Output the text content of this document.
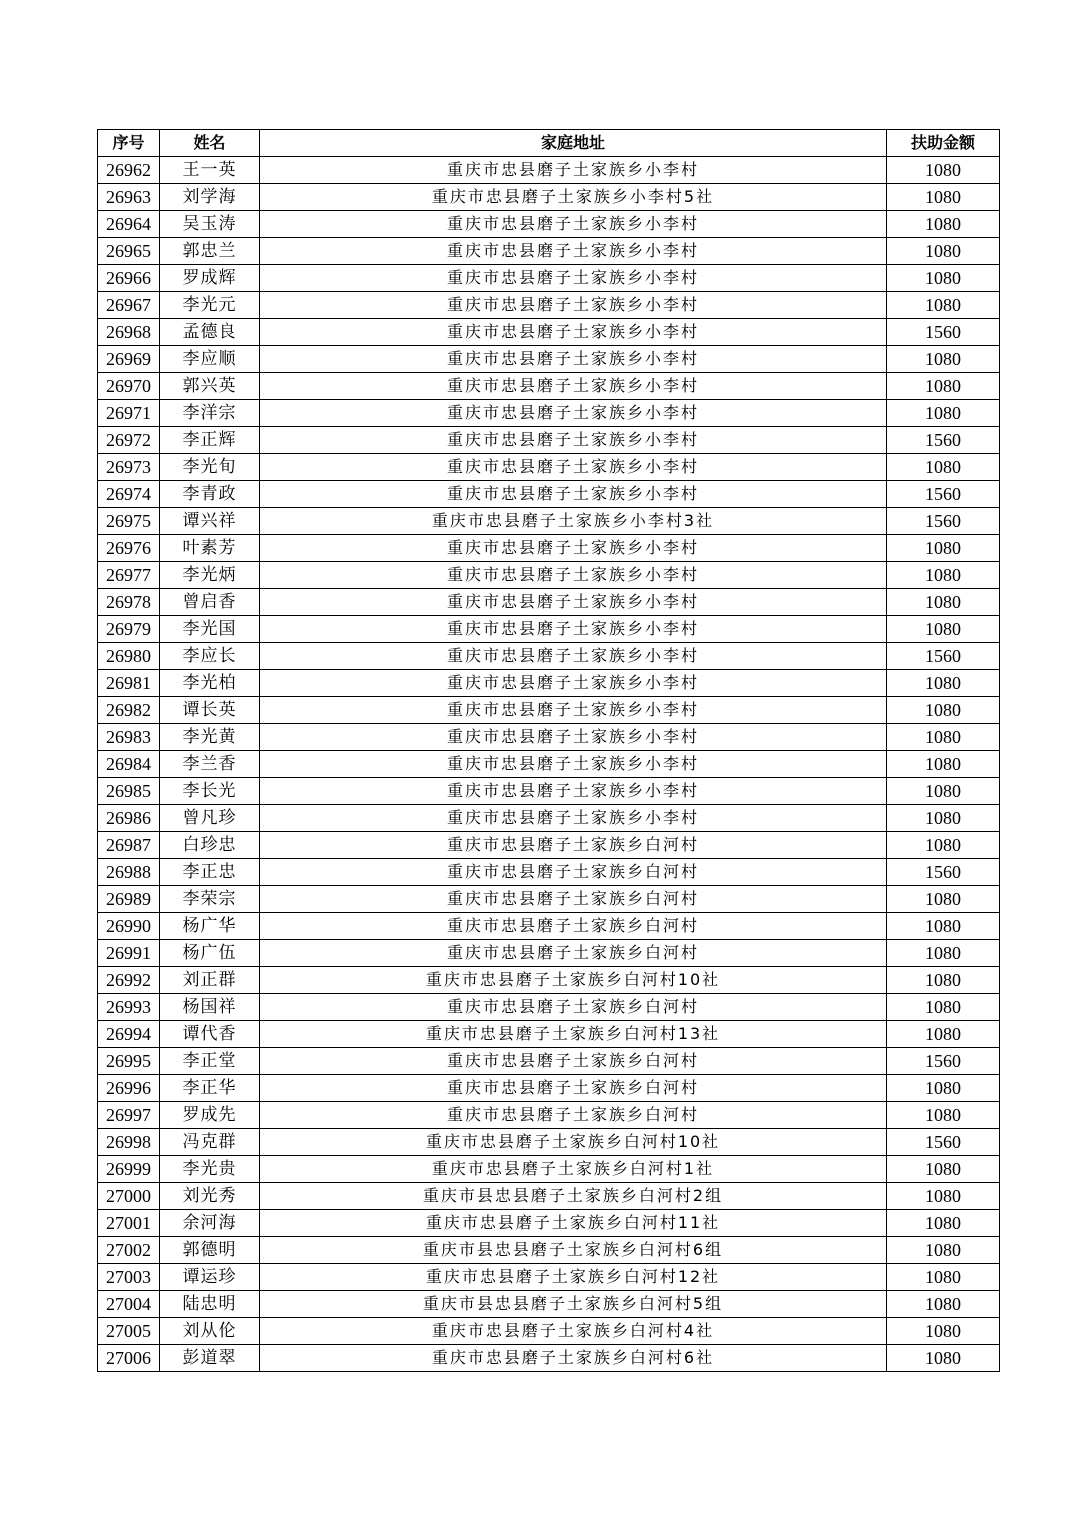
序号	姓名	家庭地址	扶助金额
26962	王一英	重庆市忠县磨子土家族乡小李村	1080
26963	刘学海	重庆市忠县磨子土家族乡小李村5社	1080
26964	吴玉涛	重庆市忠县磨子土家族乡小李村	1080
26965	郭忠兰	重庆市忠县磨子土家族乡小李村	1080
26966	罗成辉	重庆市忠县磨子土家族乡小李村	1080
26967	李光元	重庆市忠县磨子土家族乡小李村	1080
26968	孟德良	重庆市忠县磨子土家族乡小李村	1560
26969	李应顺	重庆市忠县磨子土家族乡小李村	1080
26970	郭兴英	重庆市忠县磨子土家族乡小李村	1080
26971	李洋宗	重庆市忠县磨子土家族乡小李村	1080
26972	李正辉	重庆市忠县磨子土家族乡小李村	1560
26973	李光旬	重庆市忠县磨子土家族乡小李村	1080
26974	李青政	重庆市忠县磨子土家族乡小李村	1560
26975	谭兴祥	重庆市忠县磨子土家族乡小李村3社	1560
26976	叶素芳	重庆市忠县磨子土家族乡小李村	1080
26977	李光炳	重庆市忠县磨子土家族乡小李村	1080
26978	曾启香	重庆市忠县磨子土家族乡小李村	1080
26979	李光国	重庆市忠县磨子土家族乡小李村	1080
26980	李应长	重庆市忠县磨子土家族乡小李村	1560
26981	李光柏	重庆市忠县磨子土家族乡小李村	1080
26982	谭长英	重庆市忠县磨子土家族乡小李村	1080
26983	李光黄	重庆市忠县磨子土家族乡小李村	1080
26984	李兰香	重庆市忠县磨子土家族乡小李村	1080
26985	李长光	重庆市忠县磨子土家族乡小李村	1080
26986	曾凡珍	重庆市忠县磨子土家族乡小李村	1080
26987	白珍忠	重庆市忠县磨子土家族乡白河村	1080
26988	李正忠	重庆市忠县磨子土家族乡白河村	1560
26989	李荣宗	重庆市忠县磨子土家族乡白河村	1080
26990	杨广华	重庆市忠县磨子土家族乡白河村	1080
26991	杨广伍	重庆市忠县磨子土家族乡白河村	1080
26992	刘正群	重庆市忠县磨子土家族乡白河村10社	1080
26993	杨国祥	重庆市忠县磨子土家族乡白河村	1080
26994	谭代香	重庆市忠县磨子土家族乡白河村13社	1080
26995	李正堂	重庆市忠县磨子土家族乡白河村	1560
26996	李正华	重庆市忠县磨子土家族乡白河村	1080
26997	罗成先	重庆市忠县磨子土家族乡白河村	1080
26998	冯克群	重庆市忠县磨子土家族乡白河村10社	1560
26999	李光贵	重庆市忠县磨子土家族乡白河村1社	1080
27000	刘光秀	重庆市县忠县磨子土家族乡白河村2组	1080
27001	余河海	重庆市忠县磨子土家族乡白河村11社	1080
27002	郭德明	重庆市县忠县磨子土家族乡白河村6组	1080
27003	谭运珍	重庆市忠县磨子土家族乡白河村12社	1080
27004	陆忠明	重庆市县忠县磨子土家族乡白河村5组	1080
27005	刘从伦	重庆市忠县磨子土家族乡白河村4社	1080
27006	彭道翠	重庆市忠县磨子土家族乡白河村6社	1080
